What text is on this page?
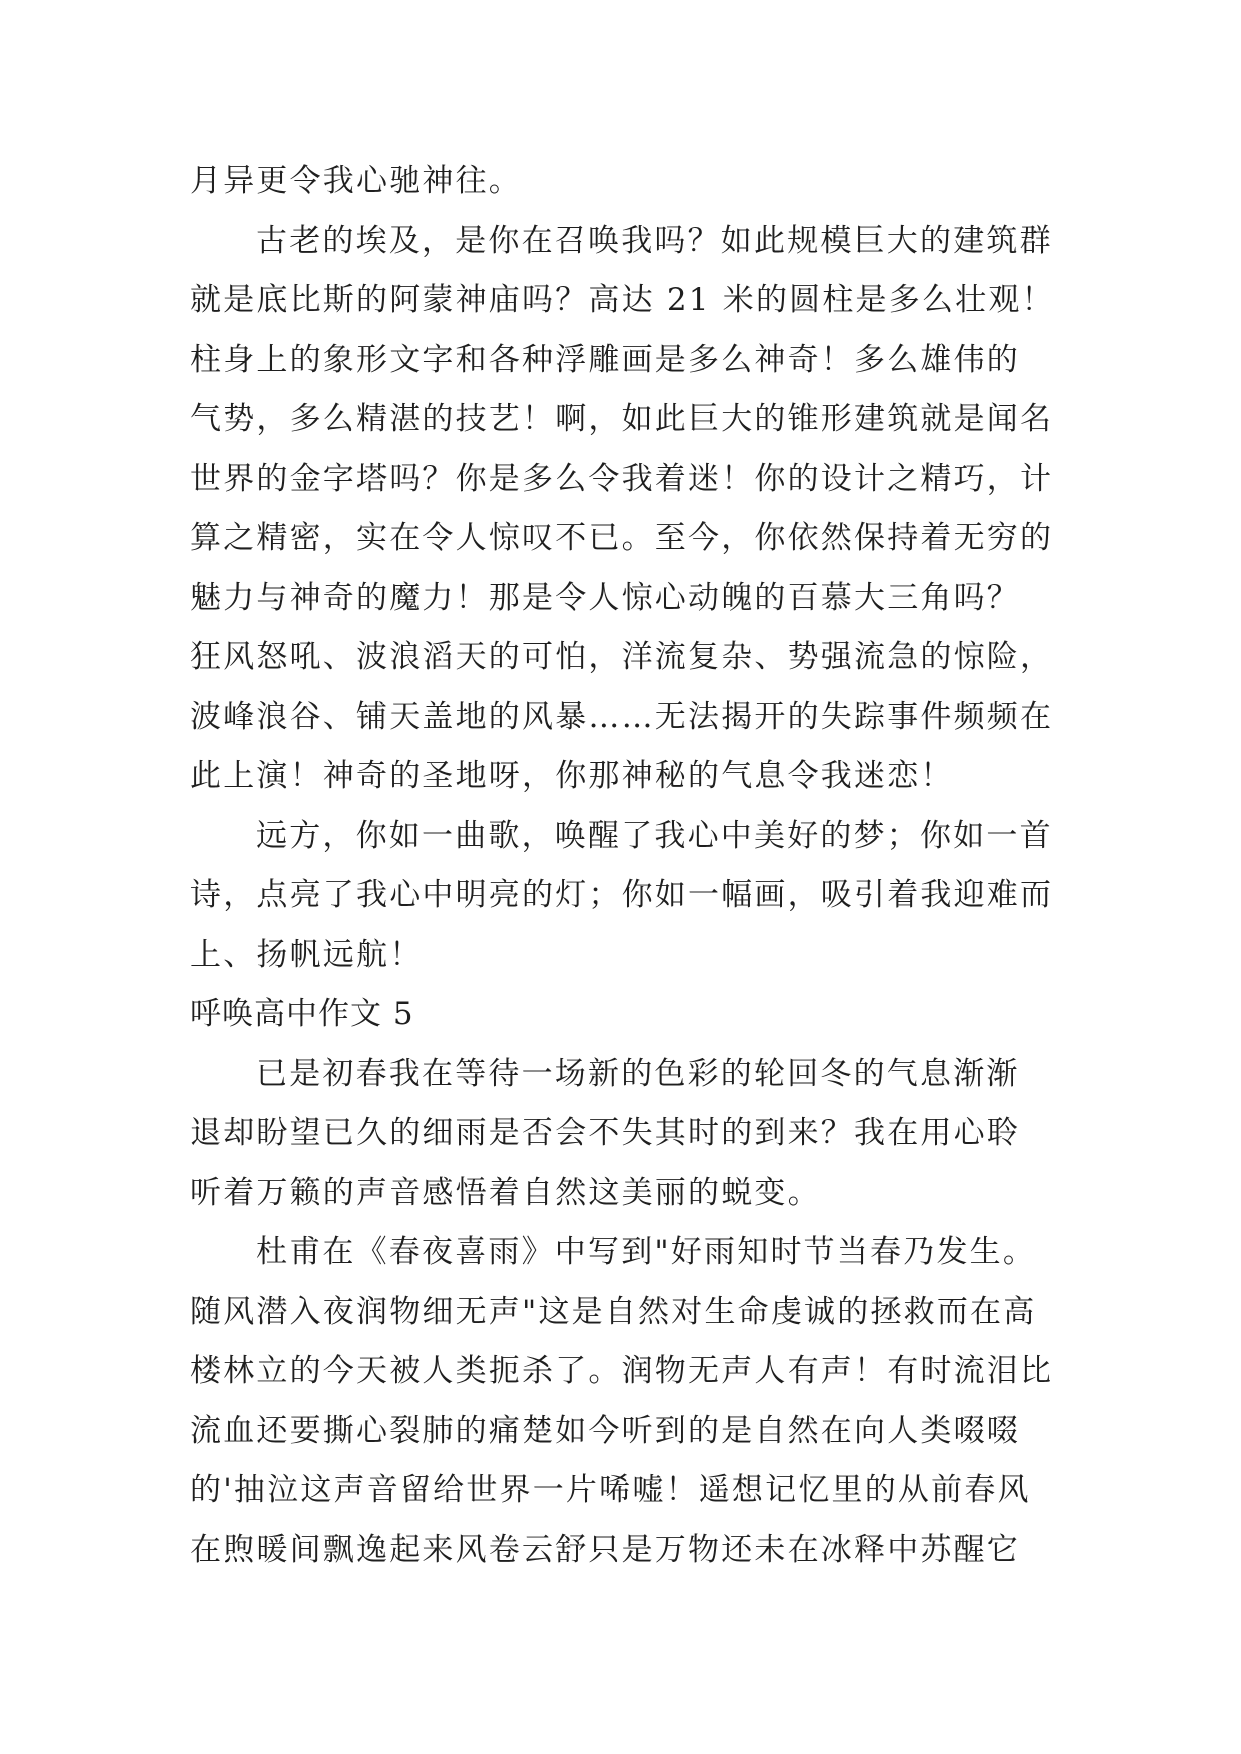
月异更令我心驰神往。
古老的埃及，是你在召唤我吗？如此规模巨大的建筑群
就是底比斯的阿蒙神庙吗？高达 21 米的圆柱是多么壮观！
柱身上的象形文字和各种浮雕画是多么神奇！多么雄伟的
气势，多么精湛的技艺！啊，如此巨大的锥形建筑就是闻名
世界的金字塔吗？你是多么令我着迷！你的设计之精巧，计
算之精密，实在令人惊叹不已。至今，你依然保持着无穷的
魅力与神奇的魔力！那是令人惊心动魄的百慕大三角吗？
狂风怒吼、波浪滔天的可怕，洋流复杂、势强流急的惊险，
波峰浪谷、铺天盖地的风暴……无法揭开的失踪事件频频在
此上演！神奇的圣地呀，你那神秘的气息令我迷恋！
远方，你如一曲歌，唤醒了我心中美好的梦；你如一首
诗，点亮了我心中明亮的灯；你如一幅画，吸引着我迎难而
上、扬帆远航！
呼唤高中作文 5
已是初春我在等待一场新的色彩的轮回冬的气息渐渐
退却盼望已久的细雨是否会不失其时的到来？我在用心聆
听着万籁的声音感悟着自然这美丽的蜕变。
杜甫在《春夜喜雨》中写到"好雨知时节当春乃发生。
随风潜入夜润物细无声"这是自然对生命虔诚的拯救而在高
楼林立的今天被人类扼杀了。润物无声人有声！有时流泪比
流血还要撕心裂肺的痛楚如今听到的是自然在向人类啜啜
的'抽泣这声音留给世界一片唏嘘！遥想记忆里的从前春风
在煦暖间飘逸起来风卷云舒只是万物还未在冰释中苏醒它
